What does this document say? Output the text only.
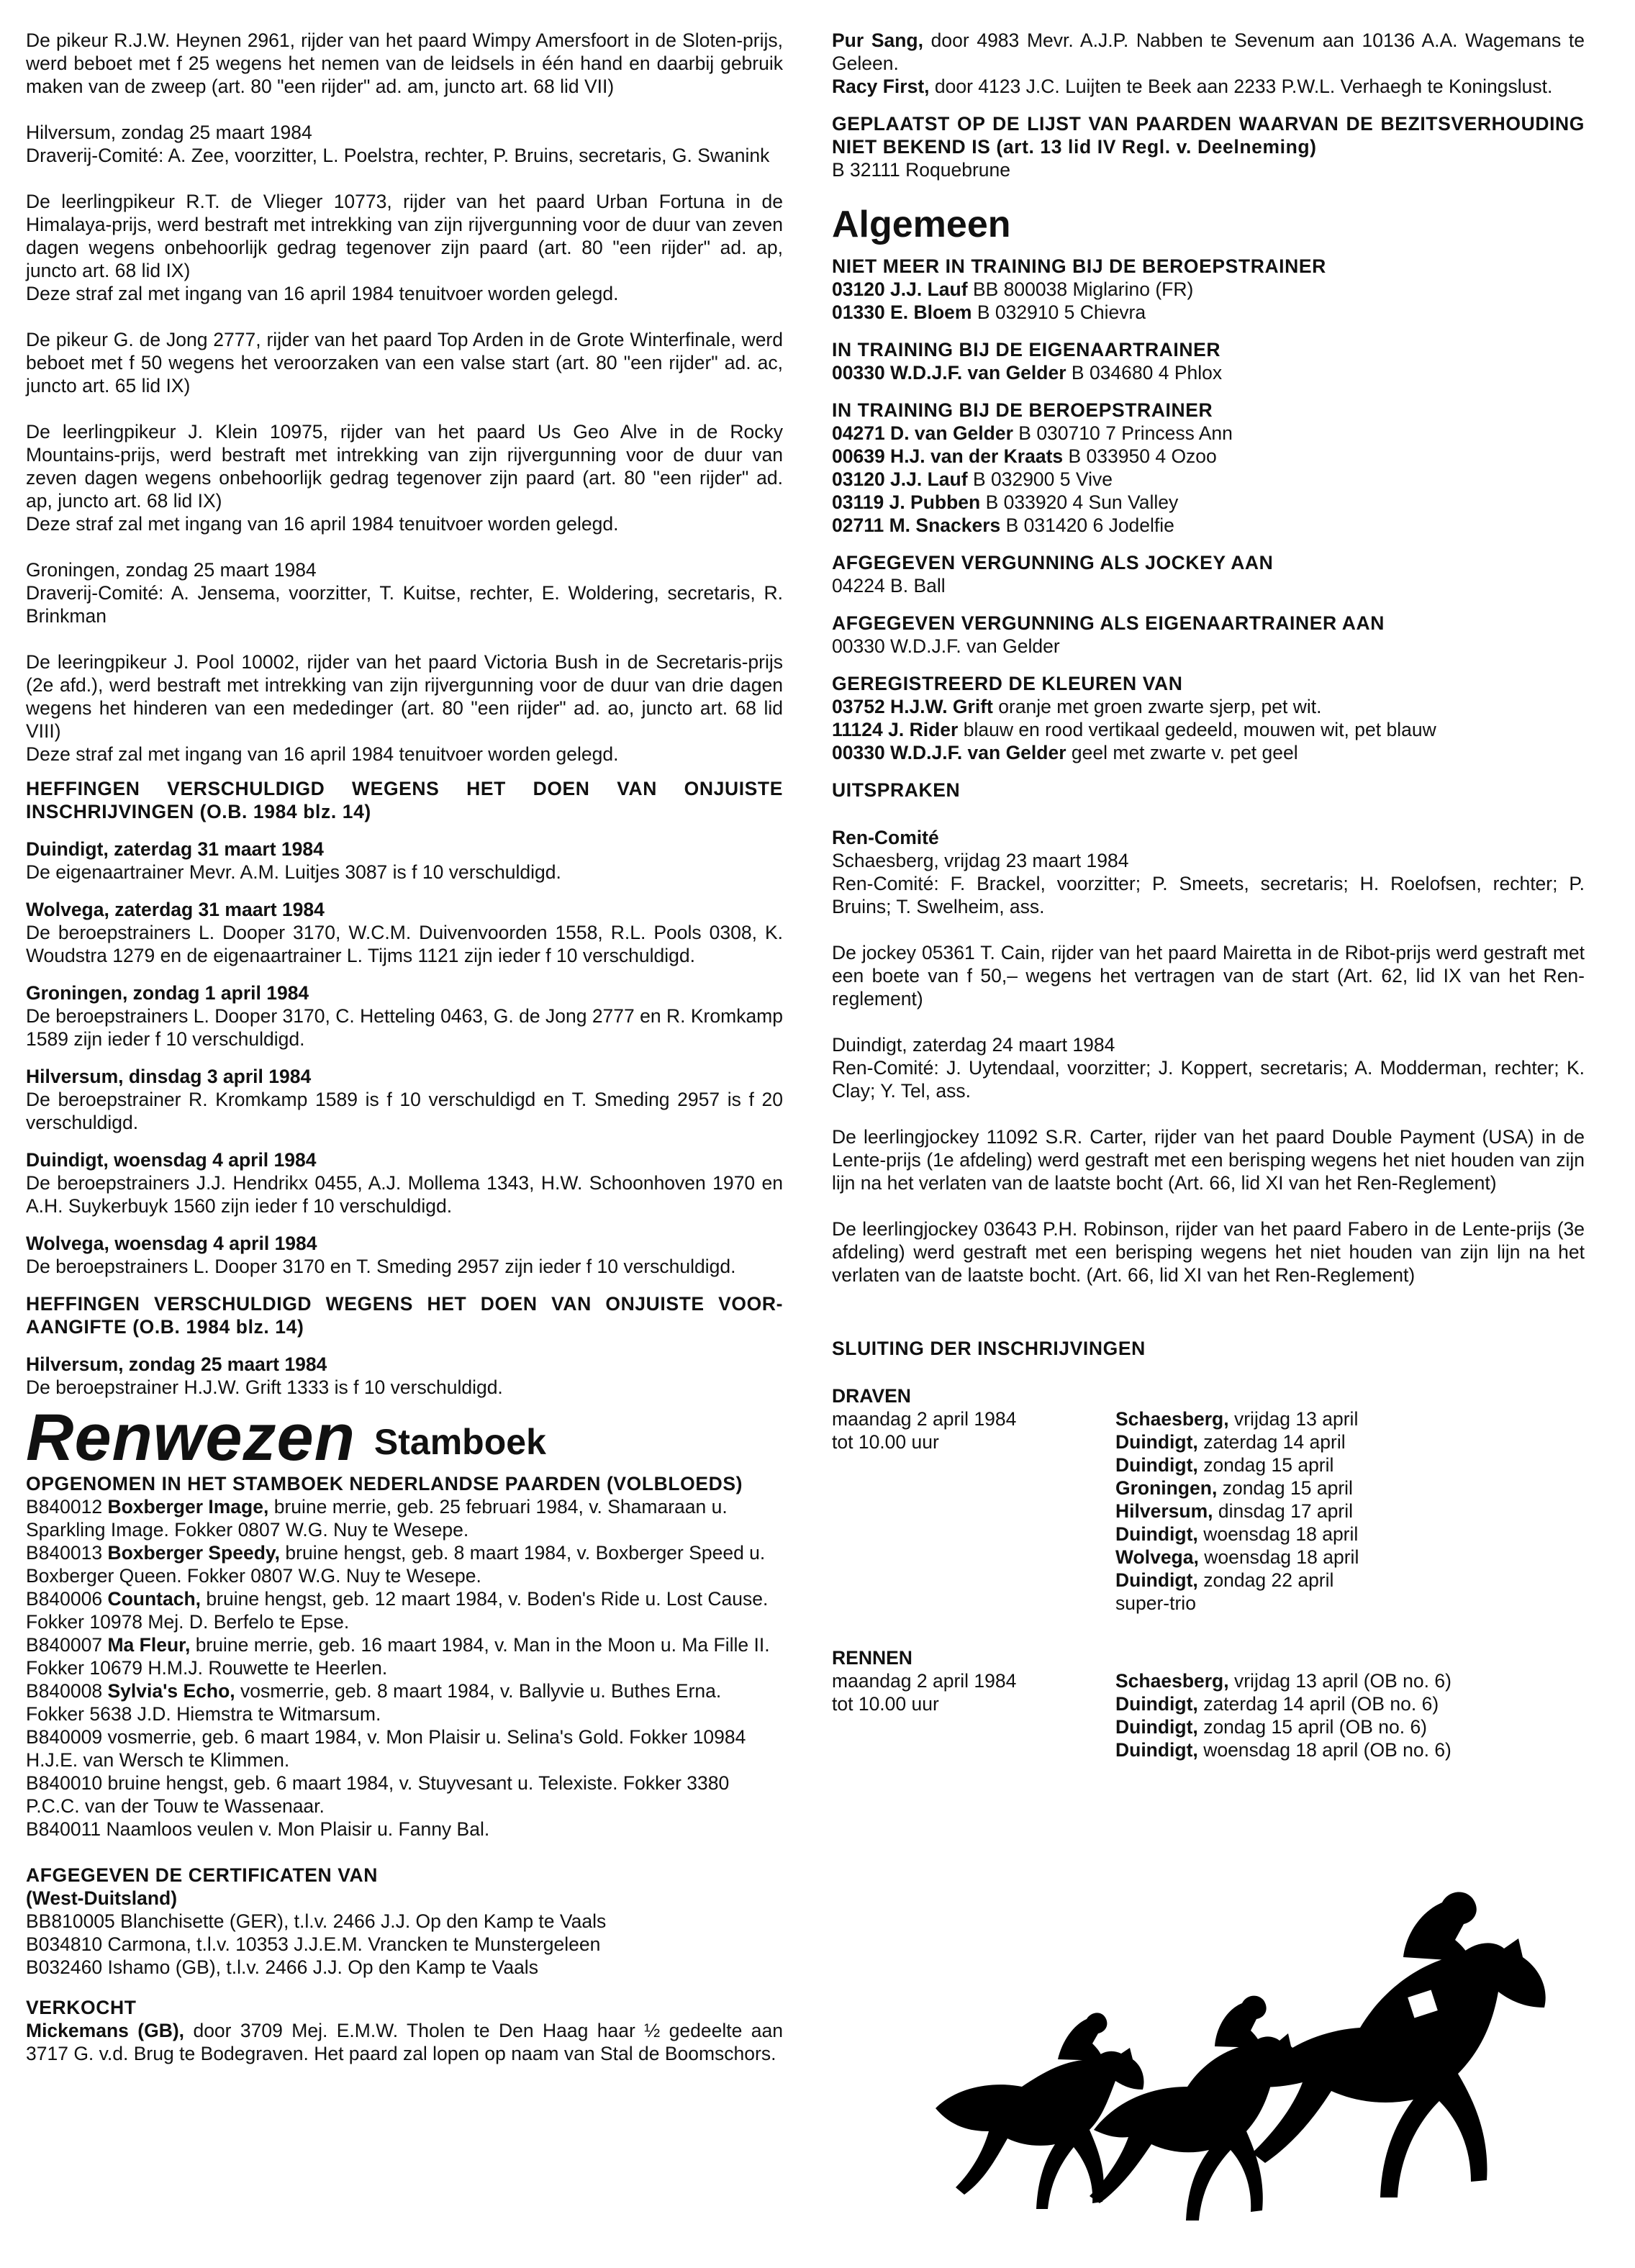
De pikeur R.J.W. Heynen 2961, rijder van het paard Wimpy Amersfoort in de Sloten-prijs, werd beboet met f 25 wegens het nemen van de leidsels in één hand en daarbij gebruik maken van de zweep (art. 80 "een rijder" ad. am, juncto art. 68 lid VII)

Hilversum, zondag 25 maart 1984
Draverij-Comité: A. Zee, voorzitter, L. Poelstra, rechter, P. Bruins, secretaris, G. Swanink

De leerlingpikeur R.T. de Vlieger 10773, rijder van het paard Urban Fortuna in de Himalaya-prijs, werd bestraft met intrekking van zijn rijvergunning voor de duur van zeven dagen wegens onbehoorlijk gedrag tegenover zijn paard (art. 80 "een rijder" ad. ap, juncto art. 68 lid IX)
Deze straf zal met ingang van 16 april 1984 tenuitvoer worden gelegd.

De pikeur G. de Jong 2777, rijder van het paard Top Arden in de Grote Winterfinale, werd beboet met f 50 wegens het veroorzaken van een valse start (art. 80 "een rijder" ad. ac, juncto art. 65 lid IX)

De leerlingpikeur J. Klein 10975, rijder van het paard Us Geo Alve in de Rocky Mountains-prijs, werd bestraft met intrekking van zijn rijvergunning voor de duur van zeven dagen wegens onbehoorlijk gedrag tegenover zijn paard (art. 80 "een rijder" ad. ap, juncto art. 68 lid IX)
Deze straf zal met ingang van 16 april 1984 tenuitvoer worden gelegd.

Groningen, zondag 25 maart 1984
Draverij-Comité: A. Jensema, voorzitter, T. Kuitse, rechter, E. Woldering, secretaris, R. Brinkman

De leeringpikeur J. Pool 10002, rijder van het paard Victoria Bush in de Secretaris-prijs (2e afd.), werd bestraft met intrekking van zijn rijvergunning voor de duur van drie dagen wegens het hinderen van een mededinger (art. 80 "een rijder" ad. ao, juncto art. 68 lid VIII)
Deze straf zal met ingang van 16 april 1984 tenuitvoer worden gelegd.

HEFFINGEN VERSCHULDIGD WEGENS HET DOEN VAN ONJUISTE INSCHRIJVINGEN (O.B. 1984 blz. 14)

Duindigt, zaterdag 31 maart 1984
De eigenaartrainer Mevr. A.M. Luitjes 3087 is f 10 verschuldigd.

Wolvega, zaterdag 31 maart 1984
De beroepstrainers L. Dooper 3170, W.C.M. Duivenvoorden 1558, R.L. Pools 0308, K. Woudstra 1279 en de eigenaartrainer L. Tijms 1121 zijn ieder f 10 verschuldigd.

Groningen, zondag 1 april 1984
De beroepstrainers L. Dooper 3170, C. Hetteling 0463, G. de Jong 2777 en R. Kromkamp 1589 zijn ieder f 10 verschuldigd.

Hilversum, dinsdag 3 april 1984
De beroepstrainer R. Kromkamp 1589 is f 10 verschuldigd en T. Smeding 2957 is f 20 verschuldigd.

Duindigt, woensdag 4 april 1984
De beroepstrainers J.J. Hendrikx 0455, A.J. Mollema 1343, H.W. Schoonhoven 1970 en A.H. Suykerbuyk 1560 zijn ieder f 10 verschuldigd.

Wolvega, woensdag 4 april 1984
De beroepstrainers L. Dooper 3170 en T. Smeding 2957 zijn ieder f 10 verschuldigd.

HEFFINGEN VERSCHULDIGD WEGENS HET DOEN VAN ONJUISTE VOOR-AANGIFTE (O.B. 1984 blz. 14)

Hilversum, zondag 25 maart 1984
De beroepstrainer H.J.W. Grift 1333 is f 10 verschuldigd.

Renwezen Stamboek

OPGENOMEN IN HET STAMBOEK NEDERLANDSE PAARDEN (VOLBLOEDS)

B840012 Boxberger Image, bruine merrie, geb. 25 februari 1984, v. Shamaraan u. Sparkling Image. Fokker 0807 W.G. Nuy te Wesepe.
B840013 Boxberger Speedy, bruine hengst, geb. 8 maart 1984, v. Boxberger Speed u. Boxberger Queen. Fokker 0807 W.G. Nuy te Wesepe.
B840006 Countach, bruine hengst, geb. 12 maart 1984, v. Boden's Ride u. Lost Cause. Fokker 10978 Mej. D. Berfelo te Epse.
B840007 Ma Fleur, bruine merrie, geb. 16 maart 1984, v. Man in the Moon u. Ma Fille II. Fokker 10679 H.M.J. Rouwette te Heerlen.
B840008 Sylvia's Echo, vosmerrie, geb. 8 maart 1984, v. Ballyvie u. Buthes Erna. Fokker 5638 J.D. Hiemstra te Witmarsum.
B840009 vosmerrie, geb. 6 maart 1984, v. Mon Plaisir u. Selina's Gold. Fokker 10984 H.J.E. van Wersch te Klimmen.
B840010 bruine hengst, geb. 6 maart 1984, v. Stuyvesant u. Telexiste. Fokker 3380 P.C.C. van der Touw te Wassenaar.
B840011 Naamloos veulen v. Mon Plaisir u. Fanny Bal.
AFGEGEVEN DE CERTIFICATEN VAN
(West-Duitsland)
BB810005 Blanchisette (GER), t.l.v. 2466 J.J. Op den Kamp te Vaals
B034810 Carmona, t.l.v. 10353 J.J.E.M. Vrancken te Munstergeleen
B032460 Ishamo (GB), t.l.v. 2466 J.J. Op den Kamp te Vaals
VERKOCHT
Mickemans (GB), door 3709 Mej. E.M.W. Tholen te Den Haag haar ½ gedeelte aan 3717 G. v.d. Brug te Bodegraven. Het paard zal lopen op naam van Stal de Boomschors.
Pur Sang, door 4983 Mevr. A.J.P. Nabben te Sevenum aan 10136 A.A. Wagemans te Geleen.
Racy First, door 4123 J.C. Luijten te Beek aan 2233 P.W.L. Verhaegh te Koningslust.
GEPLAATST OP DE LIJST VAN PAARDEN WAARVAN DE BEZITSVERHOUDING NIET BEKEND IS (art. 13 lid IV Regl. v. Deelneming)
B 32111 Roquebrune
Algemeen
NIET MEER IN TRAINING BIJ DE BEROEPSTRAINER
03120 J.J. Lauf BB 800038 Miglarino (FR)
01330 E. Bloem B 032910 5 Chievra
IN TRAINING BIJ DE EIGENAARTRAINER
00330 W.D.J.F. van Gelder B 034680 4 Phlox
IN TRAINING BIJ DE BEROEPSTRAINER
04271 D. van Gelder B 030710 7 Princess Ann
00639 H.J. van der Kraats B 033950 4 Ozoo
03120 J.J. Lauf B 032900 5 Vive
03119 J. Pubben B 033920 4 Sun Valley
02711 M. Snackers B 031420 6 Jodelfie
AFGEGEVEN VERGUNNING ALS JOCKEY AAN
04224 B. Ball
AFGEGEVEN VERGUNNING ALS EIGENAARTRAINER AAN
00330 W.D.J.F. van Gelder
GEREGISTREERD DE KLEUREN VAN
03752 H.J.W. Grift oranje met groen zwarte sjerp, pet wit.
11124 J. Rider blauw en rood vertikaal gedeeld, mouwen wit, pet blauw
00330 W.D.J.F. van Gelder geel met zwarte v. pet geel
UITSPRAKEN
Ren-Comité

Schaesberg, vrijdag 23 maart 1984
Ren-Comité: F. Brackel, voorzitter; P. Smeets, secretaris; H. Roelofsen, rechter; P. Bruins; T. Swelheim, ass.

De jockey 05361 T. Cain, rijder van het paard Mairetta in de Ribot-prijs werd gestraft met een boete van f 50,– wegens het vertragen van de start (Art. 62, lid IX van het Ren-reglement)

Duindigt, zaterdag 24 maart 1984
Ren-Comité: J. Uytendaal, voorzitter; J. Koppert, secretaris; A. Modderman, rechter; K. Clay; Y. Tel, ass.

De leerlingjockey 11092 S.R. Carter, rijder van het paard Double Payment (USA) in de Lente-prijs (1e afdeling) werd gestraft met een berisping wegens het niet houden van zijn lijn na het verlaten van de laatste bocht (Art. 66, lid XI van het Ren-Reglement)

De leerlingjockey 03643 P.H. Robinson, rijder van het paard Fabero in de Lente-prijs (3e afdeling) werd gestraft met een berisping wegens het niet houden van zijn lijn na het verlaten van de laatste bocht. (Art. 66, lid XI van het Ren-Reglement)

SLUITING DER INSCHRIJVINGEN
DRAVEN
maandag 2 april 1984
tot 10.00 uur
Schaesberg, vrijdag 13 april
Duindigt, zaterdag 14 april
Duindigt, zondag 15 april
Groningen, zondag 15 april
Hilversum, dinsdag 17 april
Duindigt, woensdag 18 april
Wolvega, woensdag 18 april
Duindigt, zondag 22 april
super-trio
RENNEN
maandag 2 april 1984
tot 10.00 uur
Schaesberg, vrijdag 13 april (OB no. 6)
Duindigt, zaterdag 14 april (OB no. 6)
Duindigt, zondag 15 april (OB no. 6)
Duindigt, woensdag 18 april (OB no. 6)
